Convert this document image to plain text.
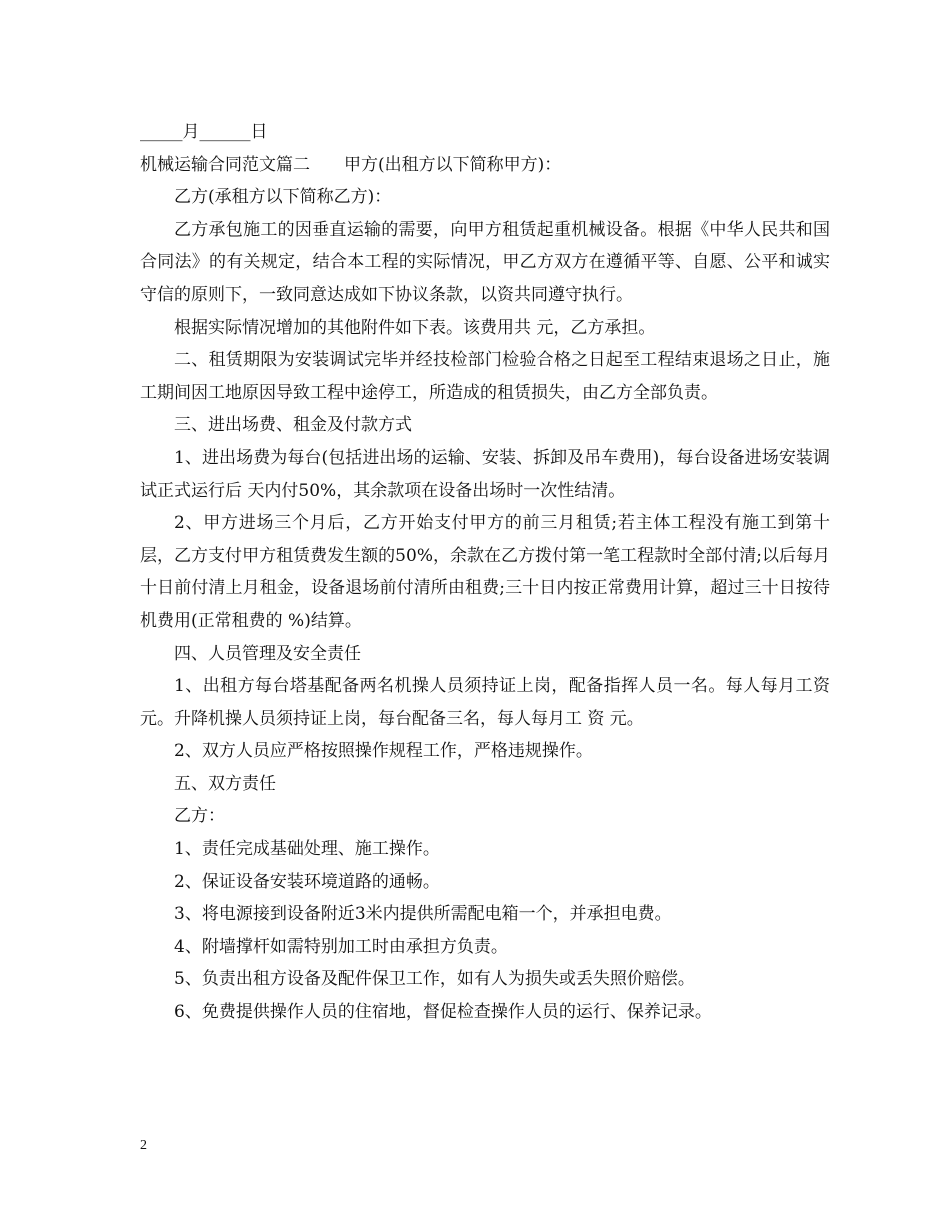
_____月______日

机械运输合同范文篇二　　甲方(出租方以下简称甲方)：

乙方(承租方以下简称乙方)：

乙方承包施工的因垂直运输的需要，向甲方租赁起重机械设备。根据《中华人民共和国合同法》的有关规定，结合本工程的实际情况，甲乙方双方在遵循平等、自愿、公平和诚实守信的原则下，一致同意达成如下协议条款，以资共同遵守执行。

根据实际情况增加的其他附件如下表。该费用共 元，乙方承担。

二、租赁期限为安装调试完毕并经技检部门检验合格之日起至工程结束退场之日止，施工期间因工地原因导致工程中途停工，所造成的租赁损失，由乙方全部负责。

三、进出场费、租金及付款方式

1、进出场费为每台(包括进出场的运输、安装、拆卸及吊车费用)，每台设备进场安装调试正式运行后 天内付50%，其余款项在设备出场时一次性结清。

2、甲方进场三个月后，乙方开始支付甲方的前三月租赁;若主体工程没有施工到第十层，乙方支付甲方租赁费发生额的50%，余款在乙方拨付第一笔工程款时全部付清;以后每月十日前付清上月租金，设备退场前付清所由租费;三十日内按正常费用计算，超过三十日按待机费用(正常租费的 %)结算。

四、人员管理及安全责任

1、出租方每台塔基配备两名机操人员须持证上岗，配备指挥人员一名。每人每月工资 元。升降机操人员须持证上岗，每台配备三名，每人每月工 资 元。

2、双方人员应严格按照操作规程工作，严格违规操作。

五、双方责任

乙方：

1、责任完成基础处理、施工操作。

2、保证设备安装环境道路的通畅。

3、将电源接到设备附近3米内提供所需配电箱一个，并承担电费。

4、附墙撑杆如需特别加工时由承担方负责。

5、负责出租方设备及配件保卫工作，如有人为损失或丢失照价赔偿。

6、免费提供操作人员的住宿地，督促检查操作人员的运行、保养记录。

2
